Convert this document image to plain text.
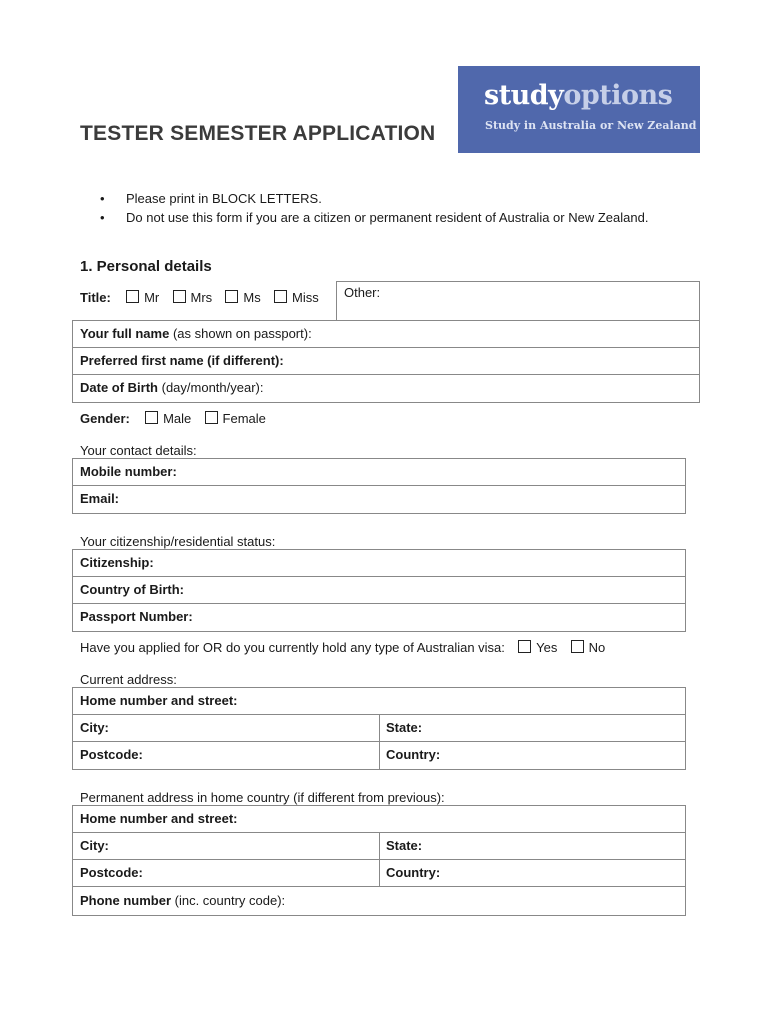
TESTER SEMESTER APPLICATION
studyoptions
Study in Australia or New Zealand
• Please print in BLOCK LETTERS.
• Do not use this form if you are a citizen or permanent resident of Australia or New Zealand.
1. Personal details
Title:	Mr Mrs Ms Miss Other:
Your full name (as shown on passport):
Preferred first name (if different):
Date of Birth (day/month/year):
Gender:	Male Female
Your contact details:
Mobile number:
Email:
Your citizenship/residential status:
Citizenship:
Country of Birth:
Passport Number:
Have you applied for OR do you currently hold any type of Australian visa: Yes No
Current address:
Home number and street:
City:	State:
Postcode:	Country:
Permanent address in home country (if different from previous):
Home number and street:
City:	State:
Postcode:	Country:
Phone number (inc. country code):
